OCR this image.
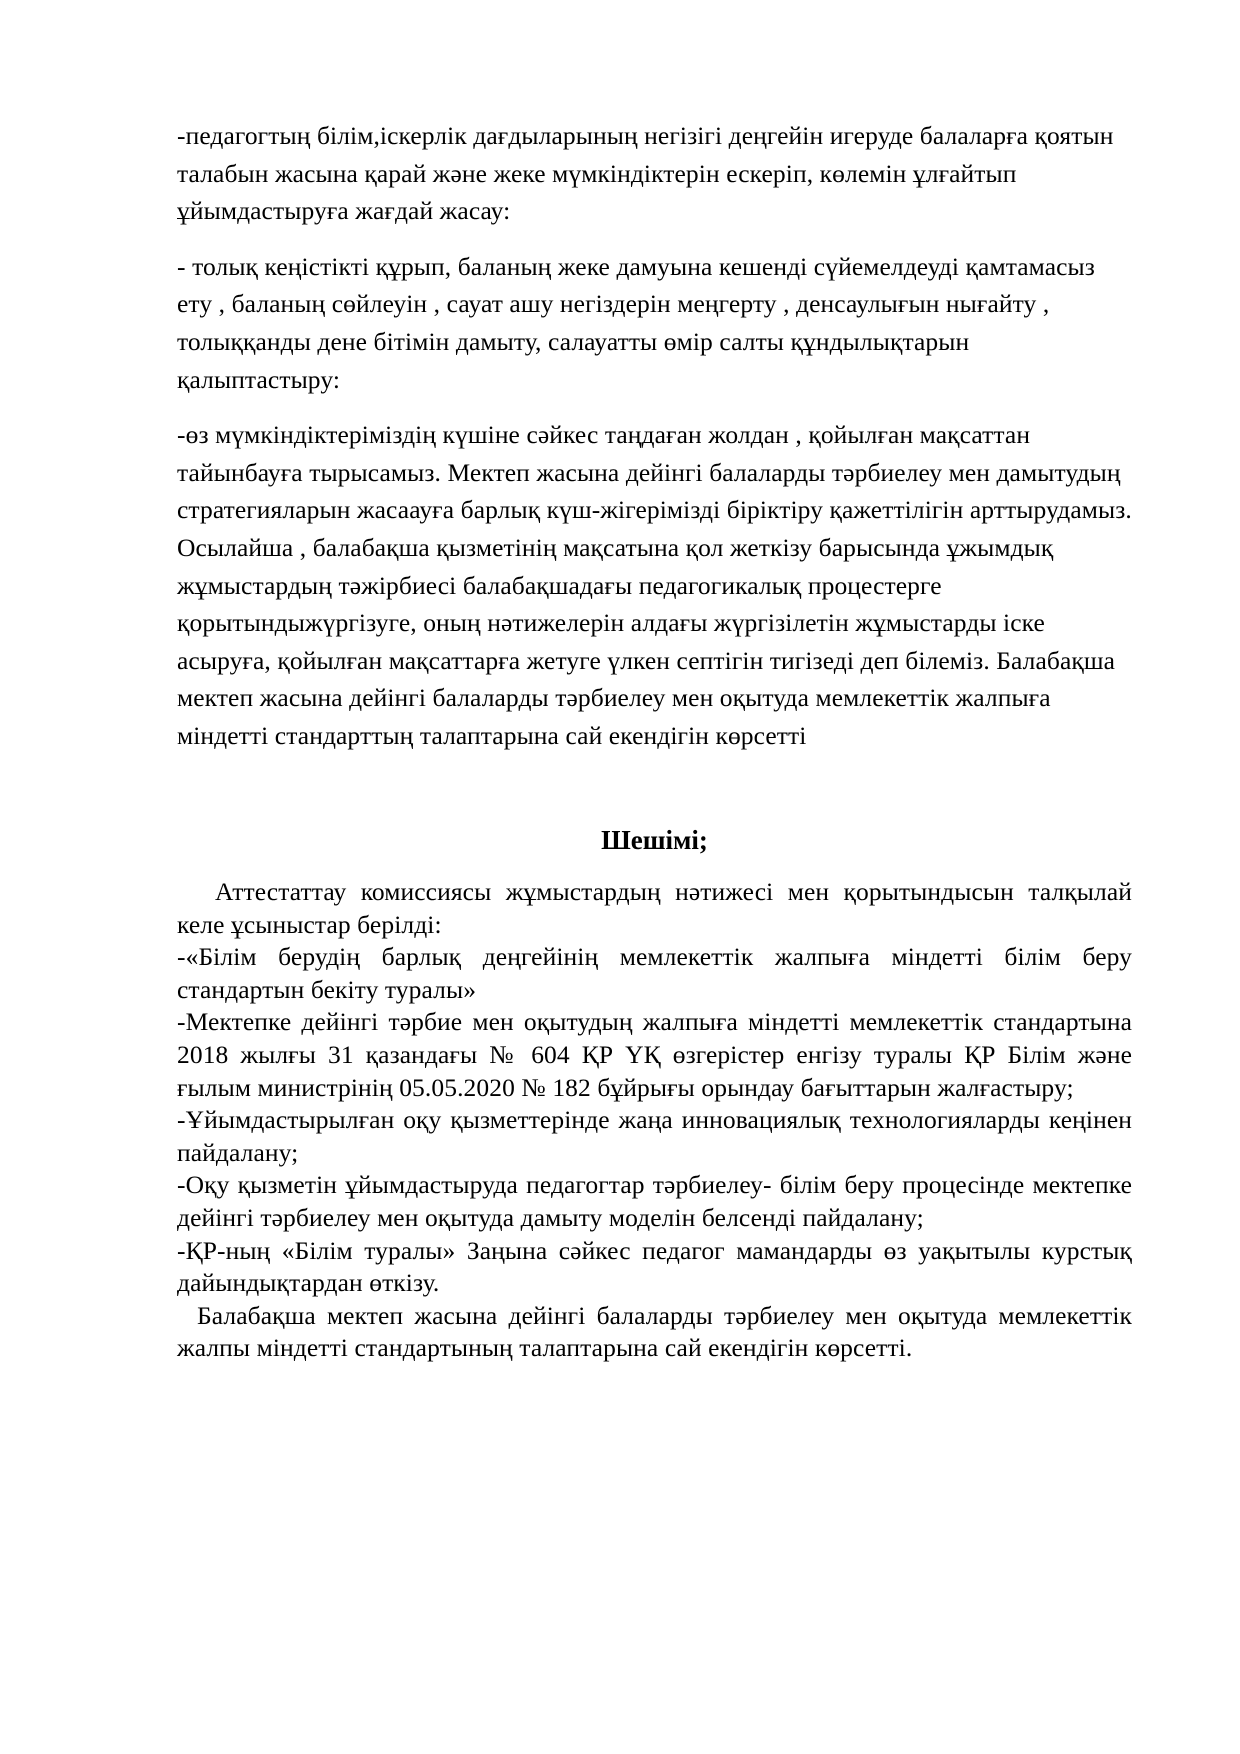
-педагогтың білім,іскерлік дағдыларының негізігі деңгейін игеруде балаларға қоятын талабын жасына қарай және жеке мүмкіндіктерін ескеріп, көлемін ұлғайтып ұйымдастыруға жағдай жасау:

- толық кеңістікті құрып, баланың жеке дамуына кешенді сүйемелдеуді қамтамасыз ету , баланың сөйлеуін , сауат ашу негіздерін меңгерту , денсаулығын нығайту , толыққанды дене бітімін дамыту, салауатты өмір салты құндылықтарын қалыптастыру:

-өз мүмкіндіктеріміздің күшіне сәйкес таңдаған жолдан , қойылған мақсаттан тайынбауға тырысамыз. Мектеп жасына дейінгі балаларды тәрбиелеу мен дамытудың стратегияларын жасаауға барлық күш-жігерімізді біріктіру қажеттілігін арттырудамыз. Осылайша , балабақша қызметінің мақсатына қол жеткізу барысында ұжымдық жұмыстардың тәжірбиесі балабақшадағы педагогикалық процестерге қорытындыжүргізуге, оның нәтижелерін алдағы жүргізілетін жұмыстарды іске асыруға, қойылған мақсаттарға жетуге үлкен септігін тигізеді деп білеміз. Балабақша мектеп жасына дейінгі балаларды тәрбиелеу мен оқытуда мемлекеттік жалпыға міндетті стандарттың талаптарына сай екендігін көрсетті

Шешімі;

Аттестаттау комиссиясы жұмыстардың нәтижесі мен қорытындысын талқылай келе ұсыныстар берілді:

-«Білім берудің барлық деңгейінің мемлекеттік жалпыға міндетті білім беру стандартын бекіту туралы»

-Мектепке дейінгі тәрбие мен оқытудың жалпыға міндетті мемлекеттік стандартына 2018 жылғы 31 қазандағы № 604 ҚР ҮҚ өзгерістер енгізу туралы ҚР Білім және ғылым министрінің 05.05.2020 № 182 бұйрығы орындау бағыттарын жалғастыру;

-Ұйымдастырылған оқу қызметтерінде жаңа инновациялық технологияларды кеңінен пайдалану;

-Оқу қызметін ұйымдастыруда педагогтар тәрбиелеу- білім беру процесінде мектепке дейінгі тәрбиелеу мен оқытуда дамыту моделін белсенді пайдалану;

-ҚР-ның «Білім туралы» Заңына сәйкес педагог мамандарды өз уақытылы курстық дайындықтардан өткізу.

Балабақша мектеп жасына дейінгі балаларды тәрбиелеу мен оқытуда мемлекеттік жалпы міндетті стандартының талаптарына сай екендігін көрсетті.
